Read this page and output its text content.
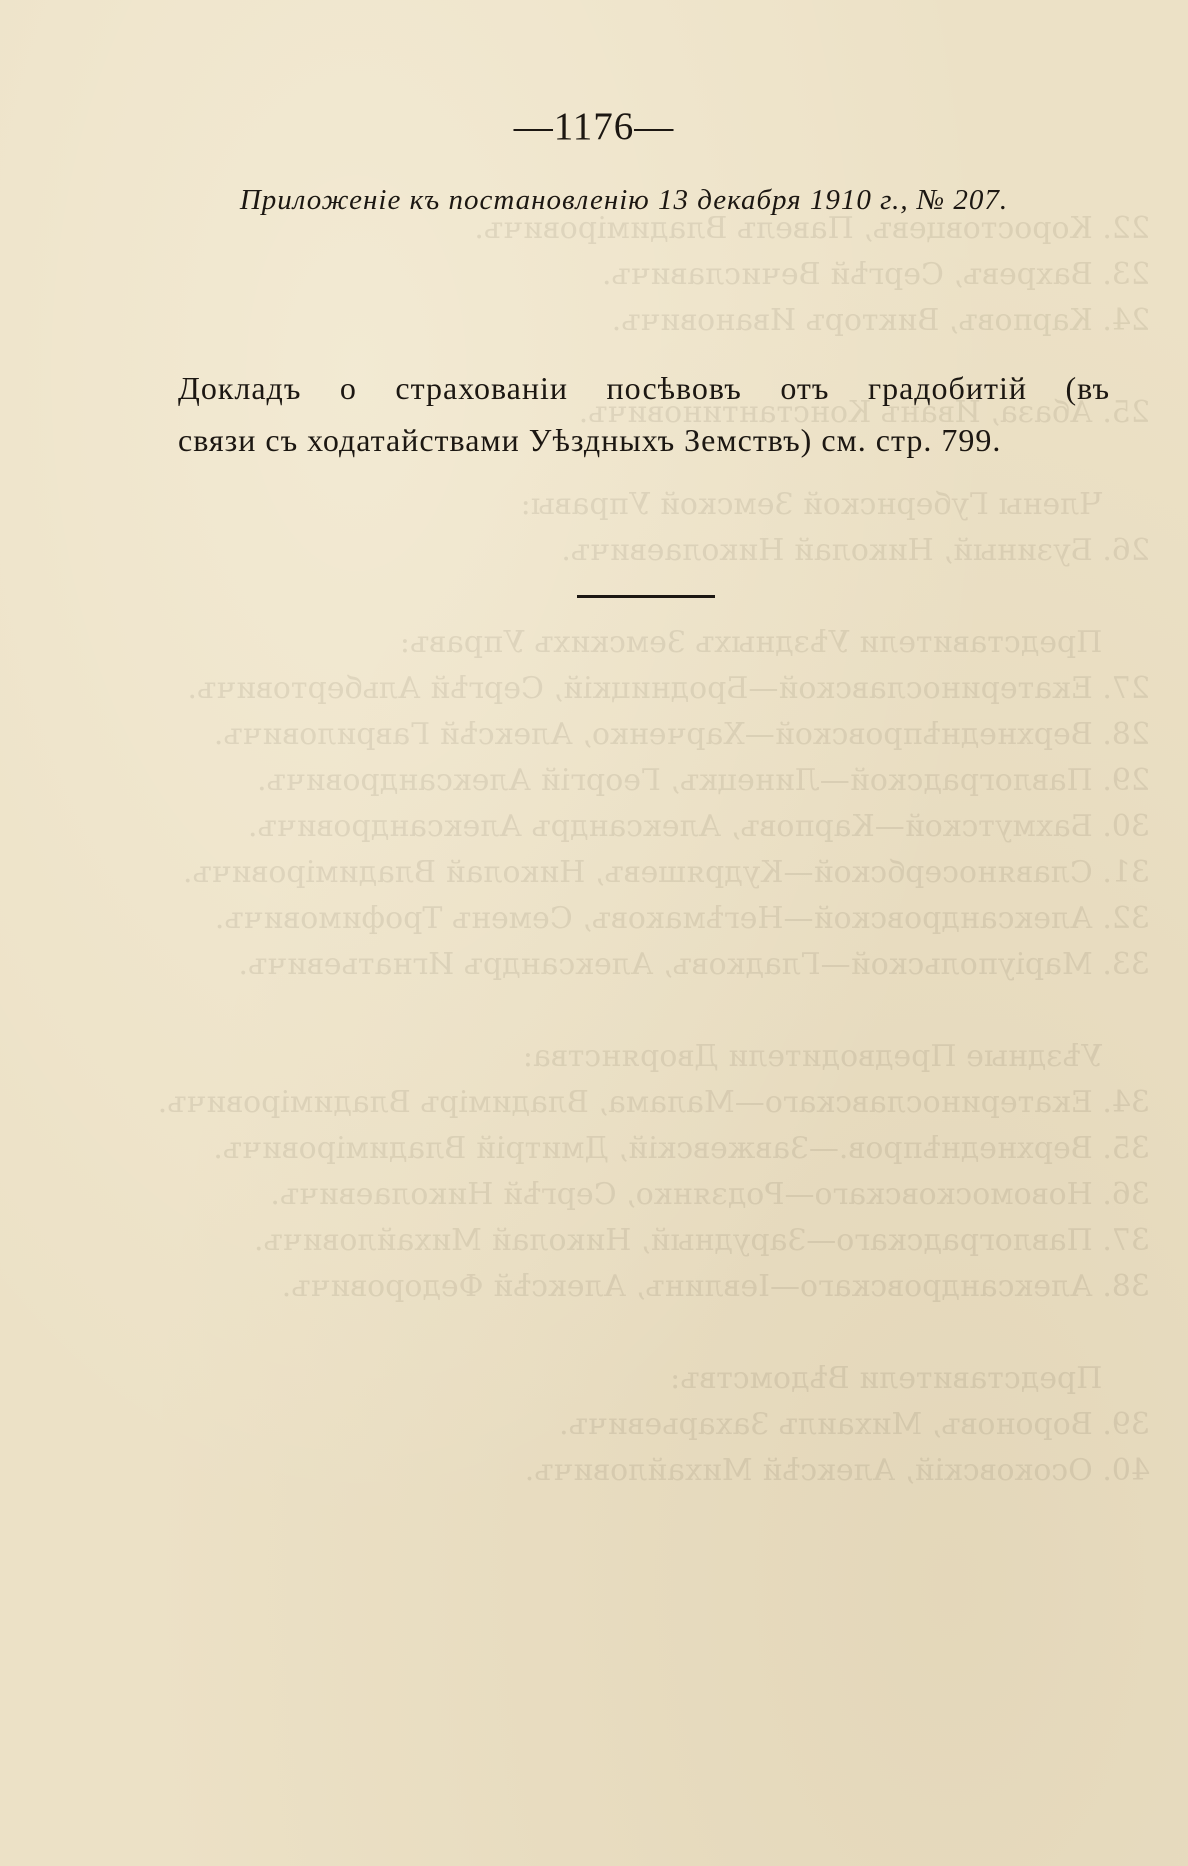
22. Коростовцевъ, Павелъ Владиміровичъ.
23. Вахревъ, Сергѣй Вечиславичъ.
24. Карповъ, Викторъ Ивановичъ.

25. Абаза, Иванъ Константиновичъ.

Члены Губернской Земской Управы:
26. Бузиный, Николай Николаевичъ.

Представители Уѣздныхъ Земскихъ Управъ:
27. Екатеринославской—Бродницкій, Сергѣй Альбертовичъ.
28. Верхнеднѣпровской—Харченко, Алексѣй Гавриловичъ.
29. Павлоградской—Линецкъ, Георгій Александровичъ.
30. Бахмутской—Карповъ, Александръ Александровичъ.
31. Славяносербской—Кудряшевъ, Николай Владиміровичъ.
32. Александровской—Негѣмаковъ, Семенъ Трофимовичъ.
33. Маріупольской—Гладковъ, Александръ Игнатьевичъ.

Уѣздные Предводители Дворянства:
34. Екатеринославскаго—Малама, Владиміръ Владиміровичъ.
35. Верхнеднѣпров.—Завжевскій, Дмитрій Владиміровичъ.
36. Новомосковскаго—Родзянко, Сергѣй Николаевичъ.
37. Павлоградскаго—Зарудный, Николай Михайловичъ.
38. Александровскаго—Іевлинъ, Алексѣй Федоровичъ.

Представители Вѣдомствъ:
39. Вороновъ, Михаилъ Захарьевичъ.
40. Осоковскій, Алексѣй Михайловичъ.

—1176—
Приложеніе къ постановленію 13 декабря 1910 г., № 207.
Докладъ о страхованіи посѣвовъ отъ градобитій (въ
связи съ ходатайствами Уѣздныхъ Земствъ) см. стр. 799.
